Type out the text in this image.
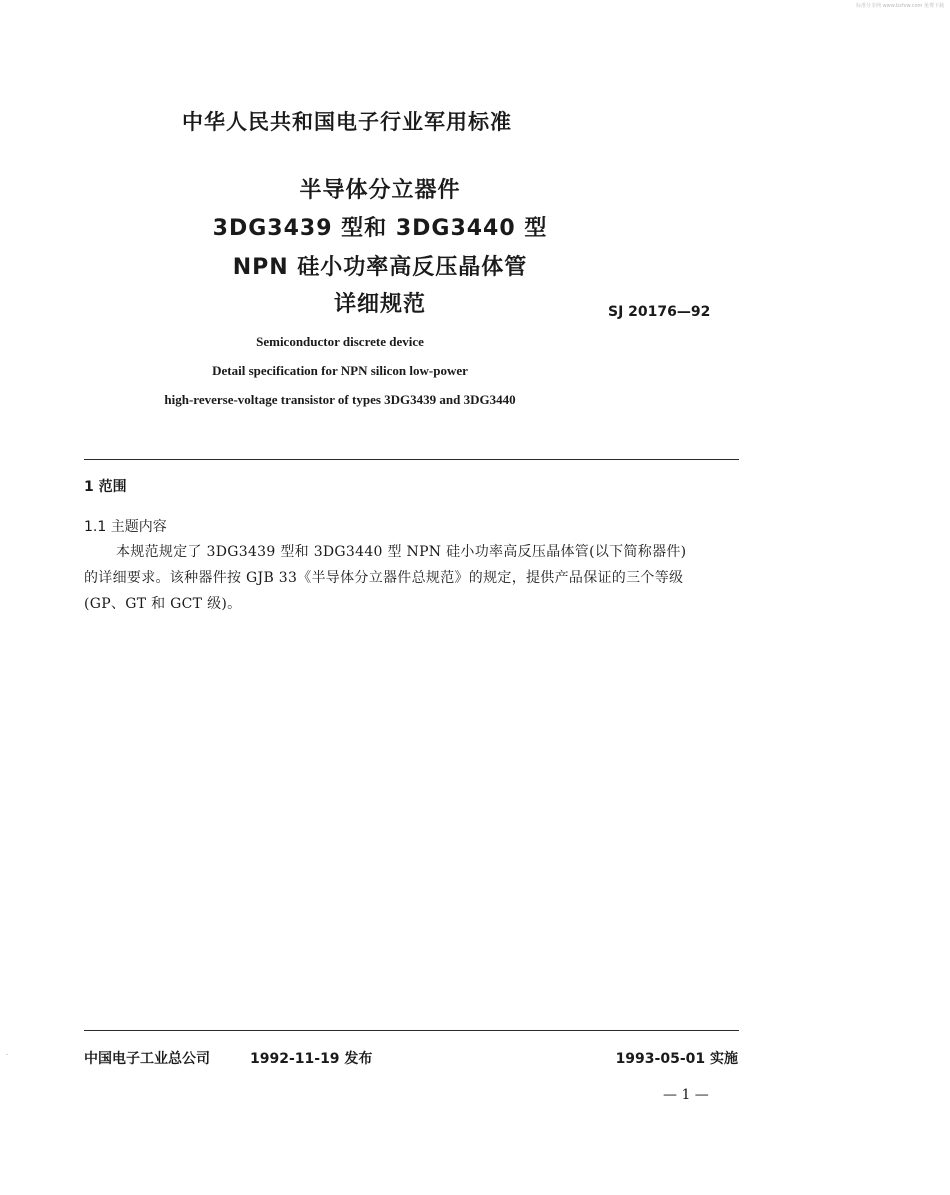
标准分享网 www.bzfxw.com 免费下载
中华人民共和国电子行业军用标准
半导体分立器件
3DG3439 型和 3DG3440 型
NPN 硅小功率高反压晶体管
详细规范	SJ 20176—92
Semiconductor discrete device
Detail specification for NPN silicon low-power
high-reverse-voltage transistor of types 3DG3439 and 3DG3440
1 范围
1.1 主题内容
本规范规定了 3DG3439 型和 3DG3440 型 NPN 硅小功率高反压晶体管(以下简称器件)
的详细要求。该种器件按 GJB 33《半导体分立器件总规范》的规定，提供产品保证的三个等级
(GP、GT 和 GCT 级)。
·	中国电子工业总公司	1992-11-19 发布	1993-05-01 实施
— 1 —
